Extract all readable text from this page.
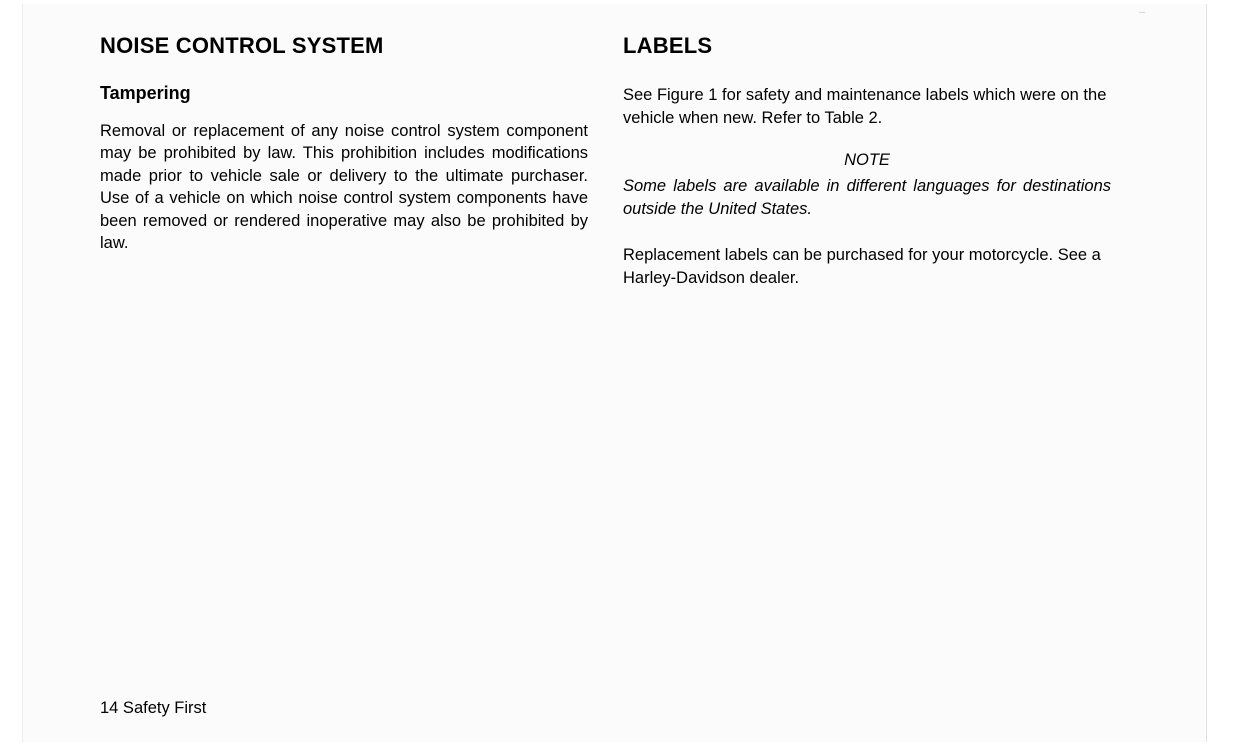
NOISE CONTROL SYSTEM
Tampering

Removal or replacement of any noise control system component may be prohibited by law. This prohibition includes modifications made prior to vehicle sale or delivery to the ultimate purchaser. Use of a vehicle on which noise control system components have been removed or rendered inoperative may also be prohibited by law.

LABELS

See Figure 1 for safety and maintenance labels which were on the vehicle when new. Refer to Table 2.

NOTE

Some labels are available in different languages for destinations outside the United States.

Replacement labels can be purchased for your motorcycle. See a Harley-Davidson dealer.

14 Safety First
